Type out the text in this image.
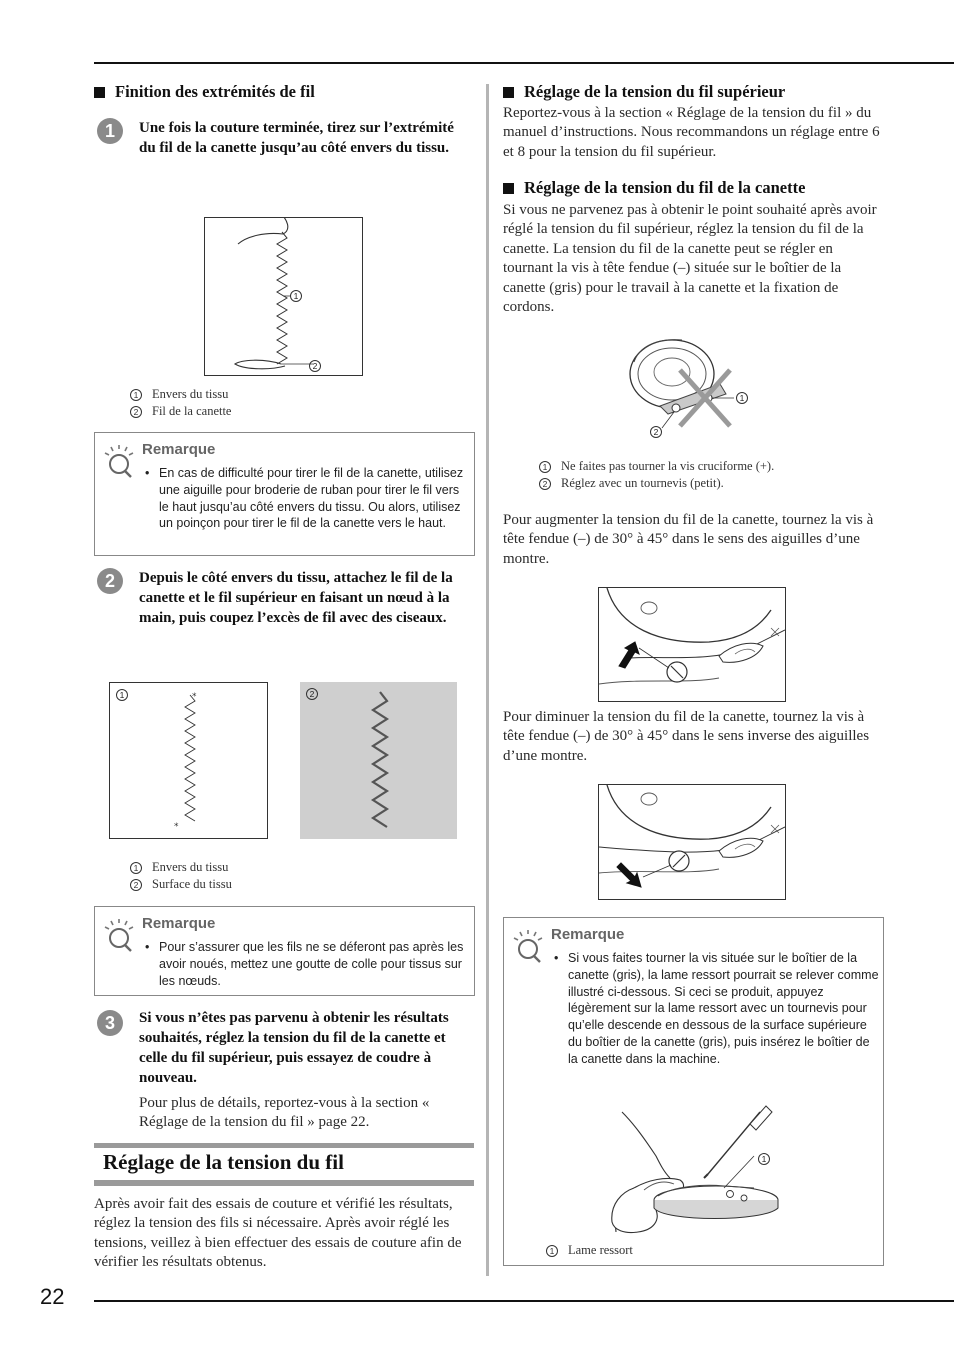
22
Finition des extrémités de fil
1	Une fois la couture terminée, tirez sur l’extrémité du fil de la canette jusqu’au côté envers du tissu.
1
2
1 Envers du tissu
2 Fil de la canette
Remarque
• En cas de difficulté pour tirer le fil de la canette, utilisez une aiguille pour broderie de ruban pour tirer le fil vers le haut jusqu’au côté envers du tissu. Ou alors, utilisez un poinçon pour tirer le fil de la canette vers le haut.
2	Depuis le côté envers du tissu, attachez le fil de la canette et le fil supérieur en faisant un nœud à la main, puis coupez l’excès de fil avec des ciseaux.
1	*
*
2
1 Envers du tissu
2 Surface du tissu
Remarque
• Pour s’assurer que les fils ne se déferont pas après les avoir noués, mettez une goutte de colle pour tissus sur les nœuds.
3	Si vous n’êtes pas parvenu à obtenir les résultats souhaités, réglez la tension du fil de la canette et celle du fil supérieur, puis essayez de coudre à nouveau.
Pour plus de détails, reportez-vous à la section « Réglage de la tension du fil » page 22.
Réglage de la tension du fil
Après avoir fait des essais de couture et vérifié les résultats, réglez la tension des fils si nécessaire. Après avoir réglé les tensions, veillez à bien effectuer des essais de couture afin de vérifier les résultats obtenus.
Réglage de la tension du fil supérieur
Reportez-vous à la section « Réglage de la tension du fil » du manuel d’instructions. Nous recommandons un réglage entre 6 et 8 pour la tension du fil supérieur.
Réglage de la tension du fil de la canette
Si vous ne parvenez pas à obtenir le point souhaité après avoir réglé la tension du fil supérieur, réglez la tension du fil de la canette. La tension du fil de la canette peut se régler en tournant la vis à tête fendue (–) située sur le boîtier de la canette (gris) pour le travail à la canette et la fixation de cordons.
1
2
1 Ne faites pas tourner la vis cruciforme (+).
2 Réglez avec un tournevis (petit).
Pour augmenter la tension du fil de la canette, tournez la vis à tête fendue (–) de 30° à 45° dans le sens des aiguilles d’une montre.
Pour diminuer la tension du fil de la canette, tournez la vis à tête fendue (–) de 30° à 45° dans le sens inverse des aiguilles d’une montre.
Remarque
• Si vous faites tourner la vis située sur le boîtier de la canette (gris), la lame ressort pourrait se relever comme illustré ci-dessous. Si ceci se produit, appuyez légèrement sur la lame ressort avec un tournevis pour qu’elle descende en dessous de la surface supérieure du boîtier de la canette (gris), puis insérez le boîtier de la canette dans la machine.
1
1 Lame ressort
